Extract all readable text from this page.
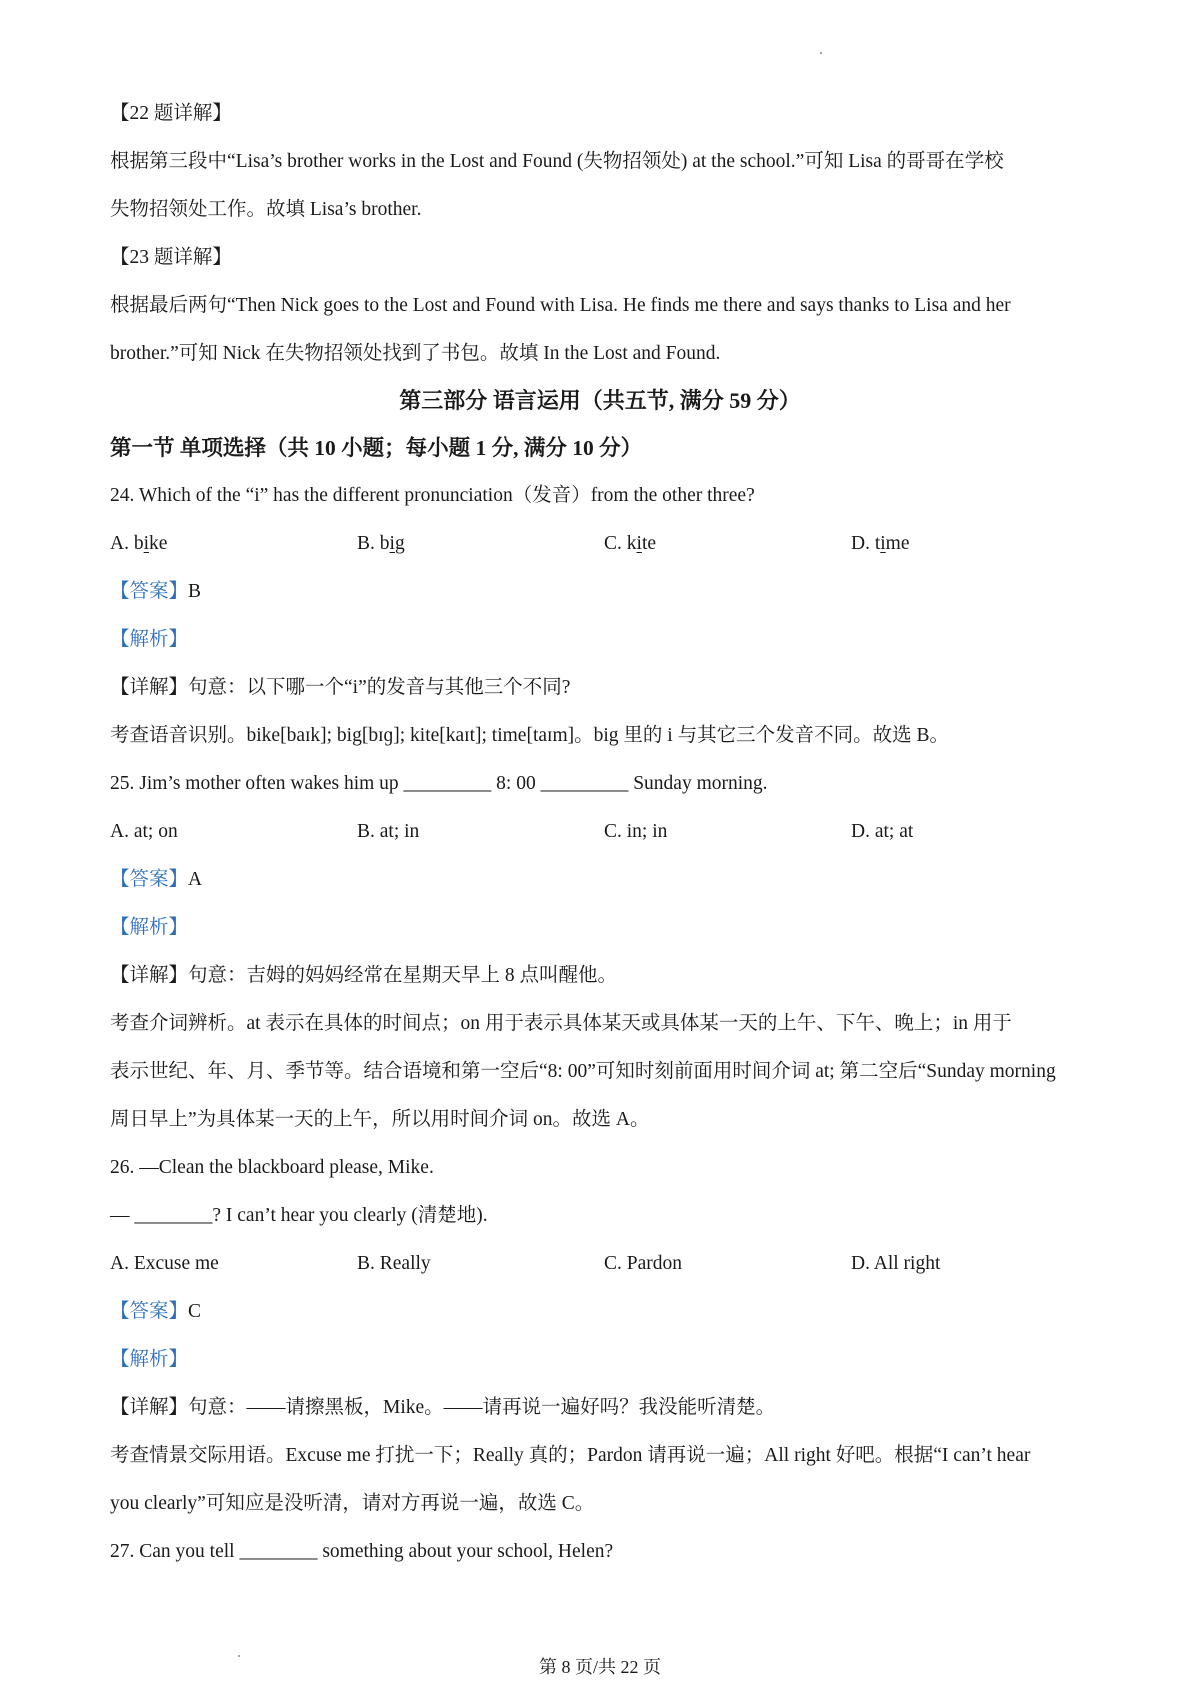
【22 题详解】
根据第三段中“Lisa’s brother works in the Lost and Found (失物招领处) at the school.”可知 Lisa 的哥哥在学校
失物招领处工作。故填 Lisa’s brother.
【23 题详解】
根据最后两句“Then Nick goes to the Lost and Found with Lisa. He finds me there and says thanks to Lisa and her
brother.”可知 Nick 在失物招领处找到了书包。故填 In the Lost and Found.
第三部分 语言运用（共五节, 满分 59 分）
第一节 单项选择（共 10 小题；每小题 1 分, 满分 10 分）
24. Which of the “i” has the different pronunciation（发音）from the other three?
A. bike	B. big	C. kite	D. time
【答案】B
【解析】
【详解】句意：以下哪一个“i”的发音与其他三个不同?
考查语音识别。bike[baɪk]; big[bɪɡ]; kite[kaɪt]; time[taɪm]。big 里的 i 与其它三个发音不同。故选 B。
25. Jim’s mother often wakes him up _________ 8: 00 _________ Sunday morning.
A. at; on	B. at; in	C. in; in	D. at; at
【答案】A
【解析】
【详解】句意：吉姆的妈妈经常在星期天早上 8 点叫醒他。
考查介词辨析。at 表示在具体的时间点；on 用于表示具体某天或具体某一天的上午、下午、晚上；in 用于
表示世纪、年、月、季节等。结合语境和第一空后“8: 00”可知时刻前面用时间介词 at; 第二空后“Sunday morning
周日早上”为具体某一天的上午，所以用时间介词 on。故选 A。
26. —Clean the blackboard please, Mike.
— ________? I can’t hear you clearly (清楚地).
A. Excuse me	B. Really	C. Pardon	D. All right
【答案】C
【解析】
【详解】句意：——请擦黑板，Mike。——请再说一遍好吗？我没能听清楚。
考查情景交际用语。Excuse me 打扰一下；Really 真的；Pardon 请再说一遍；All right 好吧。根据“I can’t hear
you clearly”可知应是没听清，请对方再说一遍，故选 C。
27. Can you tell ________ something about your school, Helen?
第 8 页/共 22 页
